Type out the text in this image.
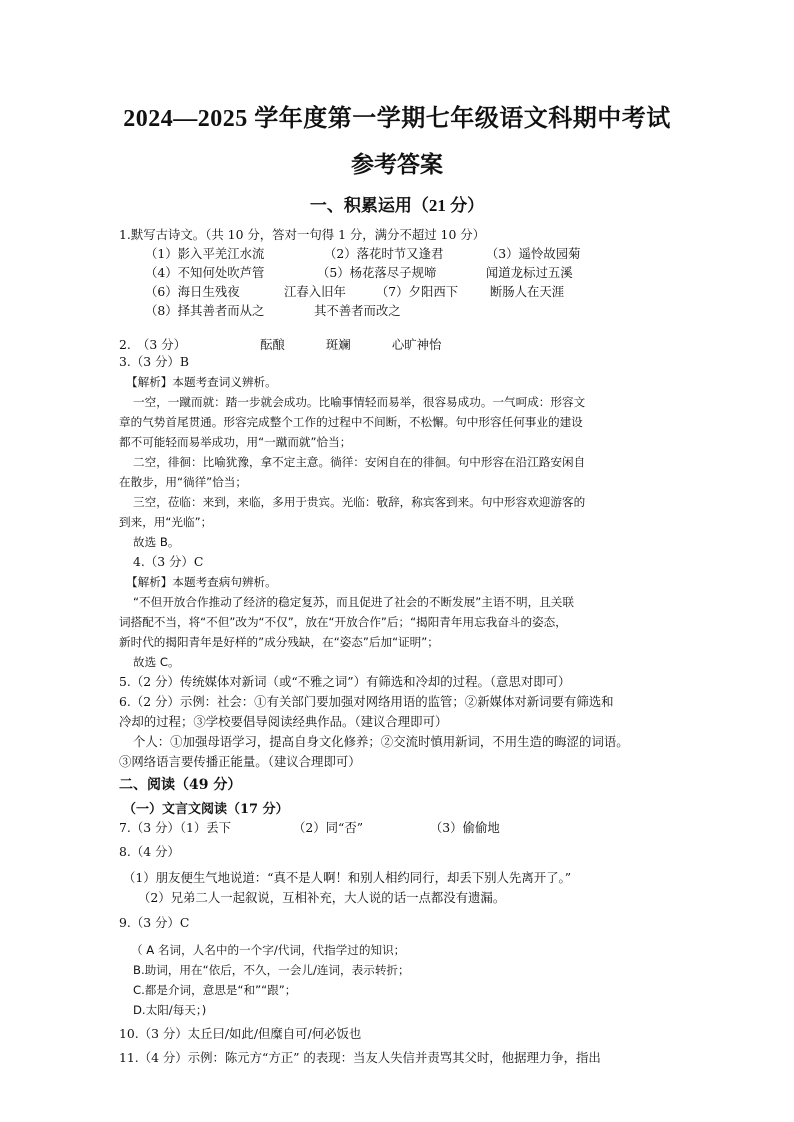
2024—2025 学年度第一学期七年级语文科期中考试
参考答案
一、积累运用（21 分）
1.默写古诗文。（共 10 分，答对一句得 1 分，满分不超过 10 分）
（1）影入平羌江水流	（2）落花时节又逢君	（3）遥怜故园菊
（4）不知何处吹芦管	（5）杨花落尽子规啼	闻道龙标过五溪
（6）海日生残夜	江春入旧年 （7）夕阳西下	断肠人在天涯
（8）择其善者而从之	其不善者而改之
2.　（3 分）	酝酿	斑斓	心旷神怡
3.（3 分）B
【解析】本题考查词义辨析。
一空，一蹴而就：踏一步就会成功。比喻事情轻而易举，很容易成功。一气呵成：形容文
章的气势首尾贯通。形容完成整个工作的过程中不间断，不松懈。句中形容任何事业的建设
都不可能轻而易举成功，用“一蹴而就”恰当；
二空，徘徊：比喻犹豫，拿不定主意。徜徉：安闲自在的徘徊。句中形容在沿江路安闲自
在散步，用“徜徉”恰当；
三空，莅临：来到，来临，多用于贵宾。光临：敬辞，称宾客到来。句中形容欢迎游客的
到来，用“光临”；
故选 B。
4.（3 分）C
【解析】本题考查病句辨析。
“不但开放合作推动了经济的稳定复苏，而且促进了社会的不断发展”主语不明，且关联
词搭配不当，将“不但”改为“不仅”，放在“开放合作”后；“揭阳青年用忘我奋斗的姿态，
新时代的揭阳青年是好样的”成分残缺，在“姿态”后加“证明”；
故选 C。
5.（2 分）传统媒体对新词（或“不雅之词”）有筛选和冷却的过程。（意思对即可）
6.（2 分）示例：社会：①有关部门要加强对网络用语的监管；②新媒体对新词要有筛选和
冷却的过程；③学校要倡导阅读经典作品。（建议合理即可）
个人：①加强母语学习，提高自身文化修养；②交流时慎用新词，不用生造的晦涩的词语。
③网络语言要传播正能量。（建议合理即可）
二、阅读（49 分）
（一）文言文阅读（17 分）
7.（3 分）（1）丢下	（2）同“否”	（3）偷偷地
8.（4 分）
（1）朋友便生气地说道：“真不是人啊！和别人相约同行，却丢下别人先离开了。”
（2）兄弟二人一起叙说，互相补充，大人说的话一点都没有遗漏。
9.（3 分）C
（ A 名词，人名中的一个字/代词，代指学过的知识；
B.助词，用在“依后，不久，一会儿/连词，表示转折；
C.都是介词，意思是“和”“跟”；
D.太阳/每天；)
10.（3 分）太丘曰/如此/但糜自可/何必饭也
11.（4 分）示例：陈元方“方正” 的表现：当友人失信并责骂其父时，他据理力争，指出
